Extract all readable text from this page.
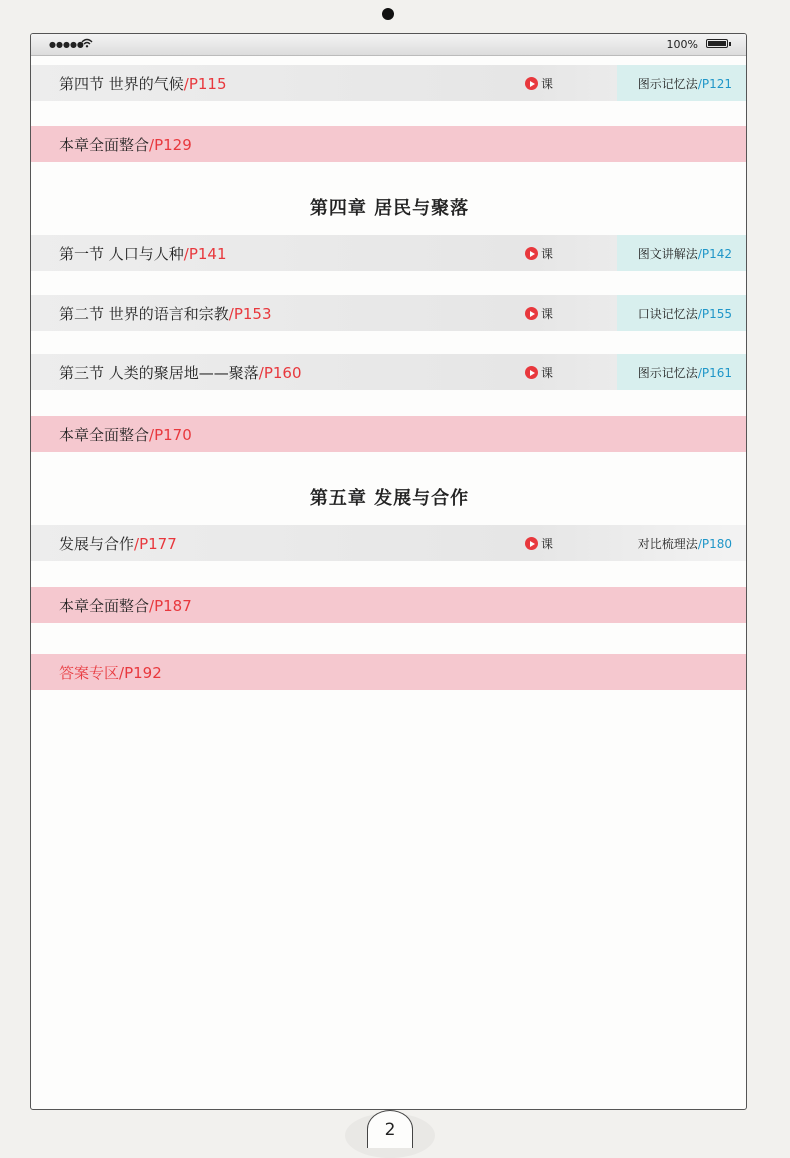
●●●●●	100%
第四节 世界的气候/P115	课	图示记忆法/P121
本章全面整合/P129
第四章 居民与聚落
第一节 人口与人种/P141	课	图文讲解法/P142
第二节 世界的语言和宗教/P153	课	口诀记忆法/P155
第三节 人类的聚居地——聚落/P160	课	图示记忆法/P161
本章全面整合/P170
第五章 发展与合作
发展与合作/P177	课	对比梳理法/P180
本章全面整合/P187
答案专区/P192
2
